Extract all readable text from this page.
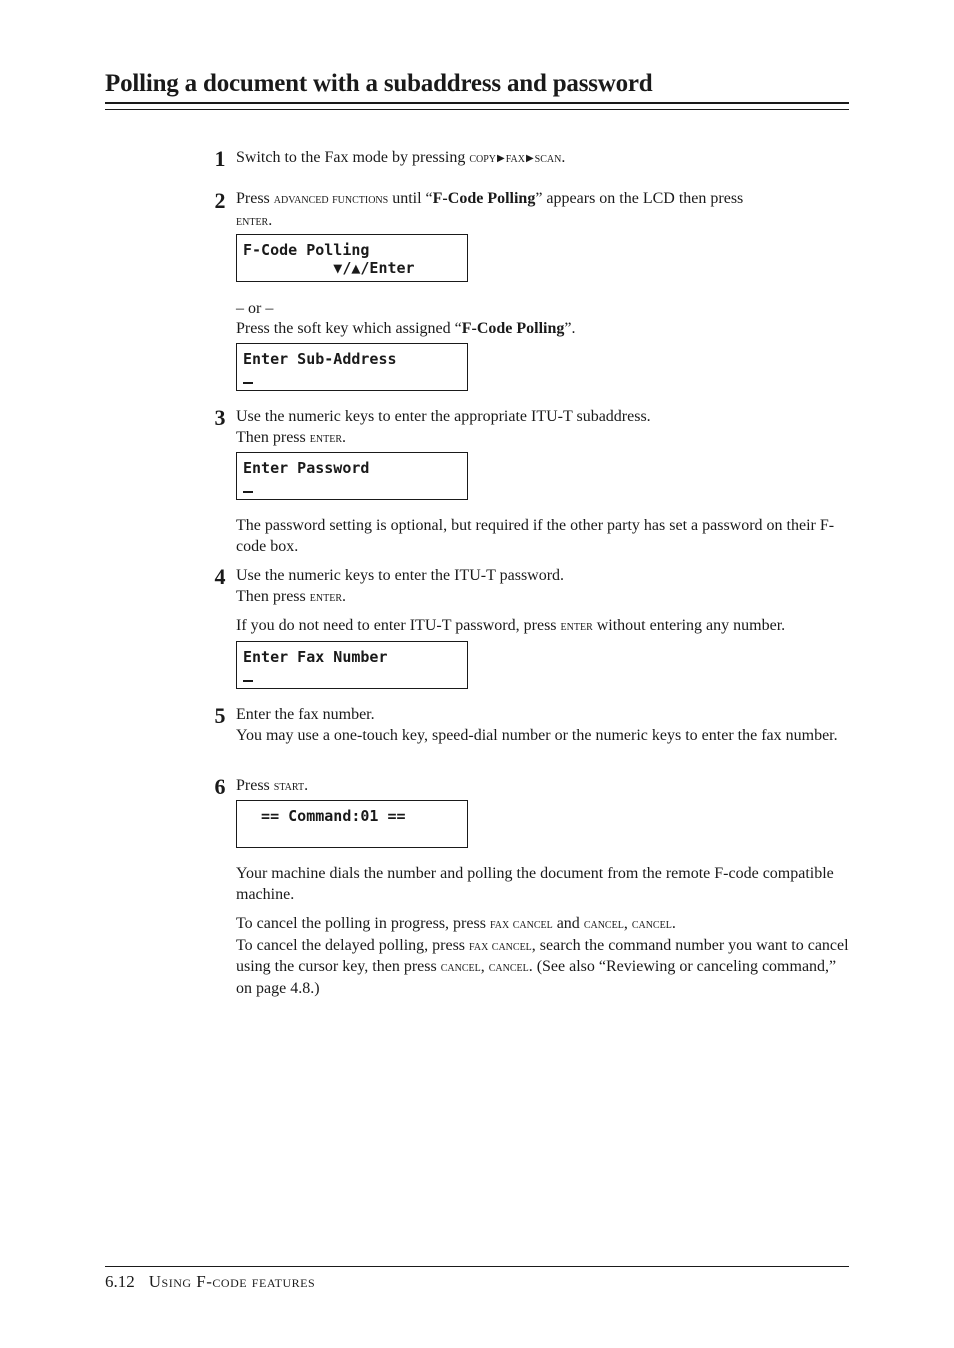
Polling a document with a subaddress and password
1 Switch to the Fax mode by pressing copy▶fax▶scan.

2 Press advanced functions until “F-Code Polling” appears on the LCD then press
enter.

F-Code Polling
▼/▲/Enter

– or –

Press the soft key which assigned “F-Code Polling”.

Enter Sub-Address
3 Use the numeric keys to enter the appropriate ITU-T subaddress.
Then press enter.

Enter Password

The password setting is optional, but required if the other party has set a password on their F-code box.

4 Use the numeric keys to enter the ITU-T password.
Then press enter.

If you do not need to enter ITU-T password, press enter without entering any number.

Enter Fax Number
5 Enter the fax number.
You may use a one-touch key, speed-dial number or the numeric keys to enter the fax number.

6 Press start.

== Command:01 ==

Your machine dials the number and polling the document from the remote F-code compatible machine.

To cancel the polling in progress, press fax cancel and cancel, cancel.
To cancel the delayed polling, press fax cancel, search the command number you want to cancel using the cursor key, then press cancel, cancel. (See also “Reviewing or canceling command,” on page 4.8.)

6.12 Using F-code features
